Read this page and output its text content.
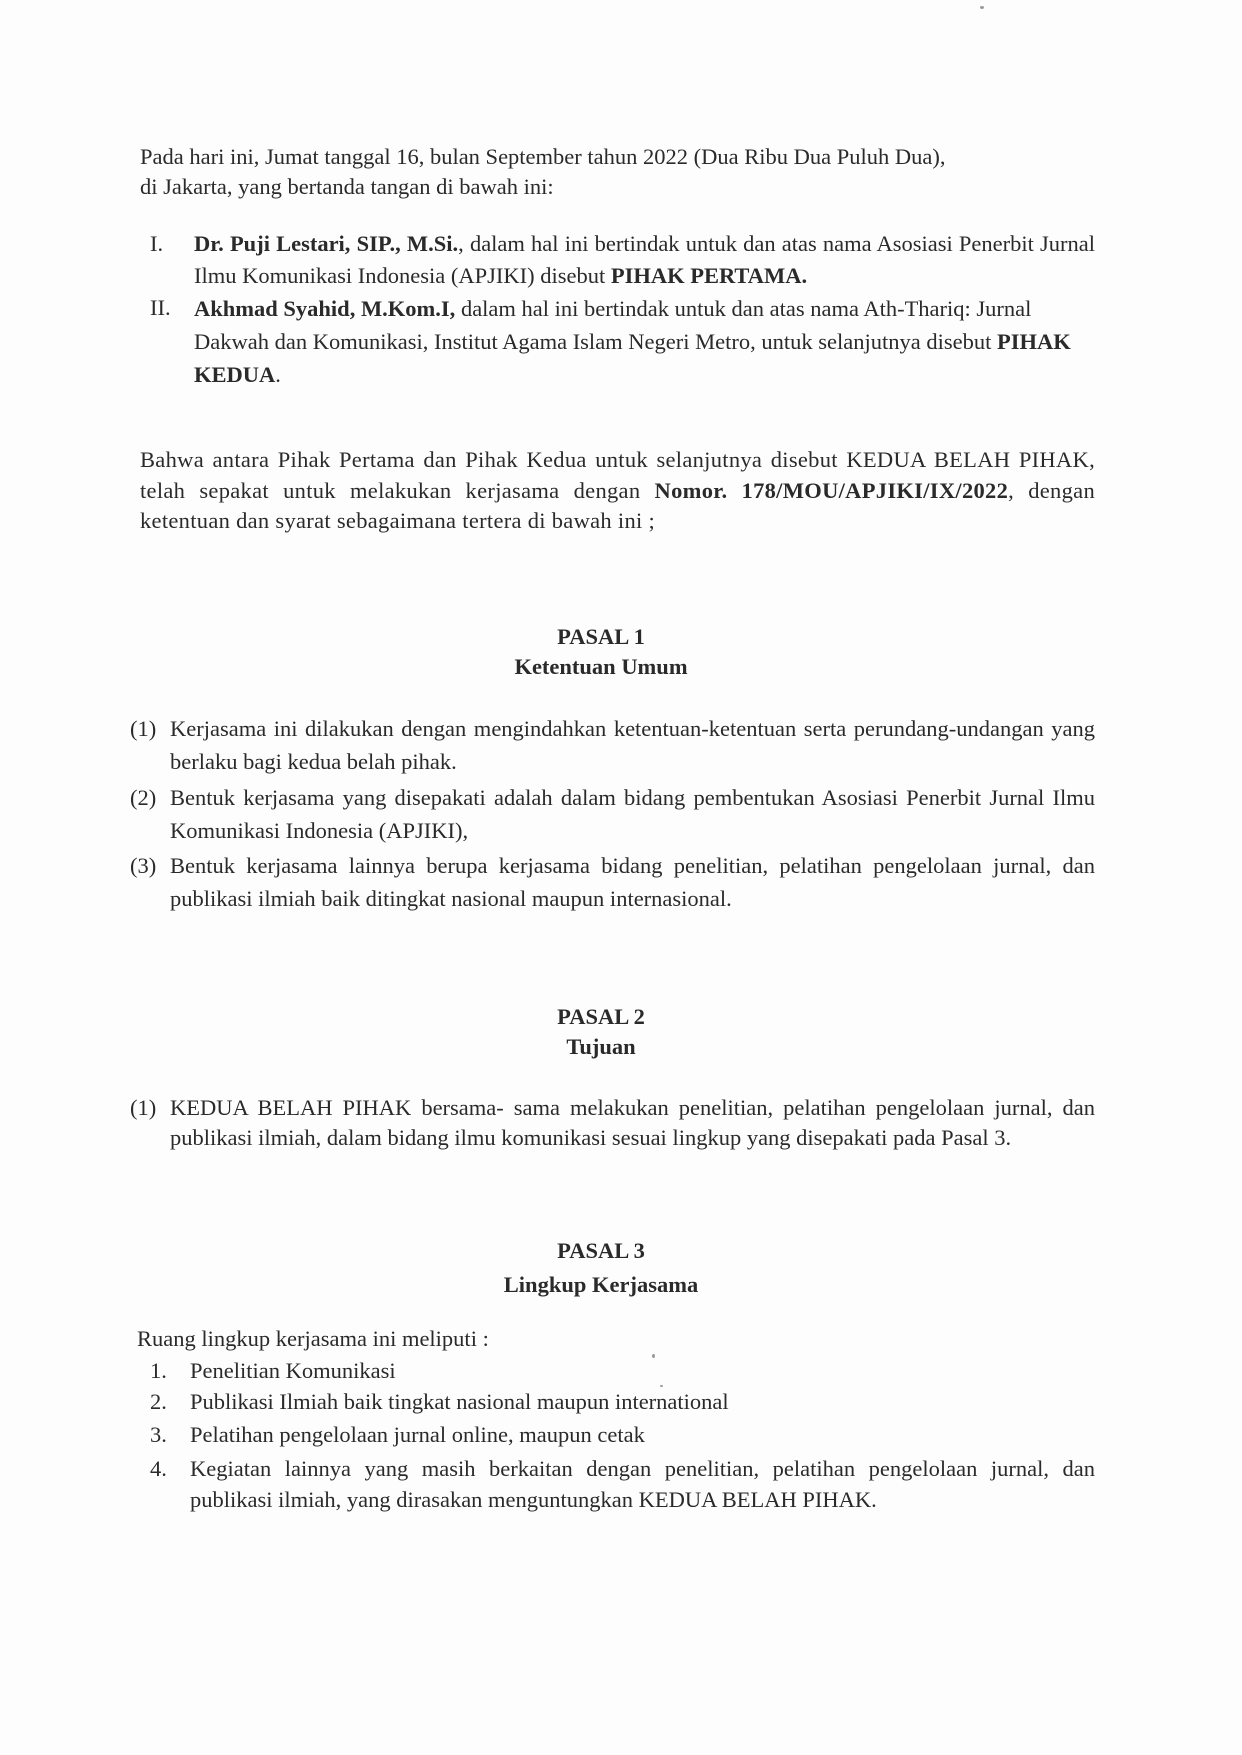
Pada hari ini, Jumat tanggal 16, bulan September tahun 2022 (Dua Ribu Dua Puluh Dua),
di Jakarta, yang bertanda tangan di bawah ini:
I.	Dr. Puji Lestari, SIP., M.Si., dalam hal ini bertindak untuk dan atas nama Asosiasi Penerbit Jurnal Ilmu Komunikasi Indonesia (APJIKI) disebut PIHAK PERTAMA.
II.	Akhmad Syahid, M.Kom.I, dalam hal ini bertindak untuk dan atas nama Ath-Thariq: Jurnal Dakwah dan Komunikasi, Institut Agama Islam Negeri Metro, untuk selanjutnya disebut PIHAK KEDUA.
Bahwa antara Pihak Pertama dan Pihak Kedua untuk selanjutnya disebut KEDUA BELAH PIHAK, telah sepakat untuk melakukan kerjasama dengan Nomor. 178/MOU/APJIKI/IX/2022, dengan ketentuan dan syarat sebagaimana tertera di bawah ini ;
PASAL 1
Ketentuan Umum
(1) Kerjasama ini dilakukan dengan mengindahkan ketentuan-ketentuan serta perundang-undangan yang berlaku bagi kedua belah pihak.
(2) Bentuk kerjasama yang disepakati adalah dalam bidang pembentukan Asosiasi Penerbit Jurnal Ilmu Komunikasi Indonesia (APJIKI),
(3) Bentuk kerjasama lainnya berupa kerjasama bidang penelitian, pelatihan pengelolaan jurnal, dan publikasi ilmiah baik ditingkat nasional maupun internasional.
PASAL 2
Tujuan
(1) KEDUA BELAH PIHAK bersama- sama melakukan penelitian, pelatihan pengelolaan jurnal, dan publikasi ilmiah, dalam bidang ilmu komunikasi sesuai lingkup yang disepakati pada Pasal 3.
PASAL 3
Lingkup Kerjasama
Ruang lingkup kerjasama ini meliputi :
1. Penelitian Komunikasi
2. Publikasi Ilmiah baik tingkat nasional maupun international
3. Pelatihan pengelolaan jurnal online, maupun cetak
4. Kegiatan lainnya yang masih berkaitan dengan penelitian, pelatihan pengelolaan jurnal, dan publikasi ilmiah, yang dirasakan menguntungkan KEDUA BELAH PIHAK.
